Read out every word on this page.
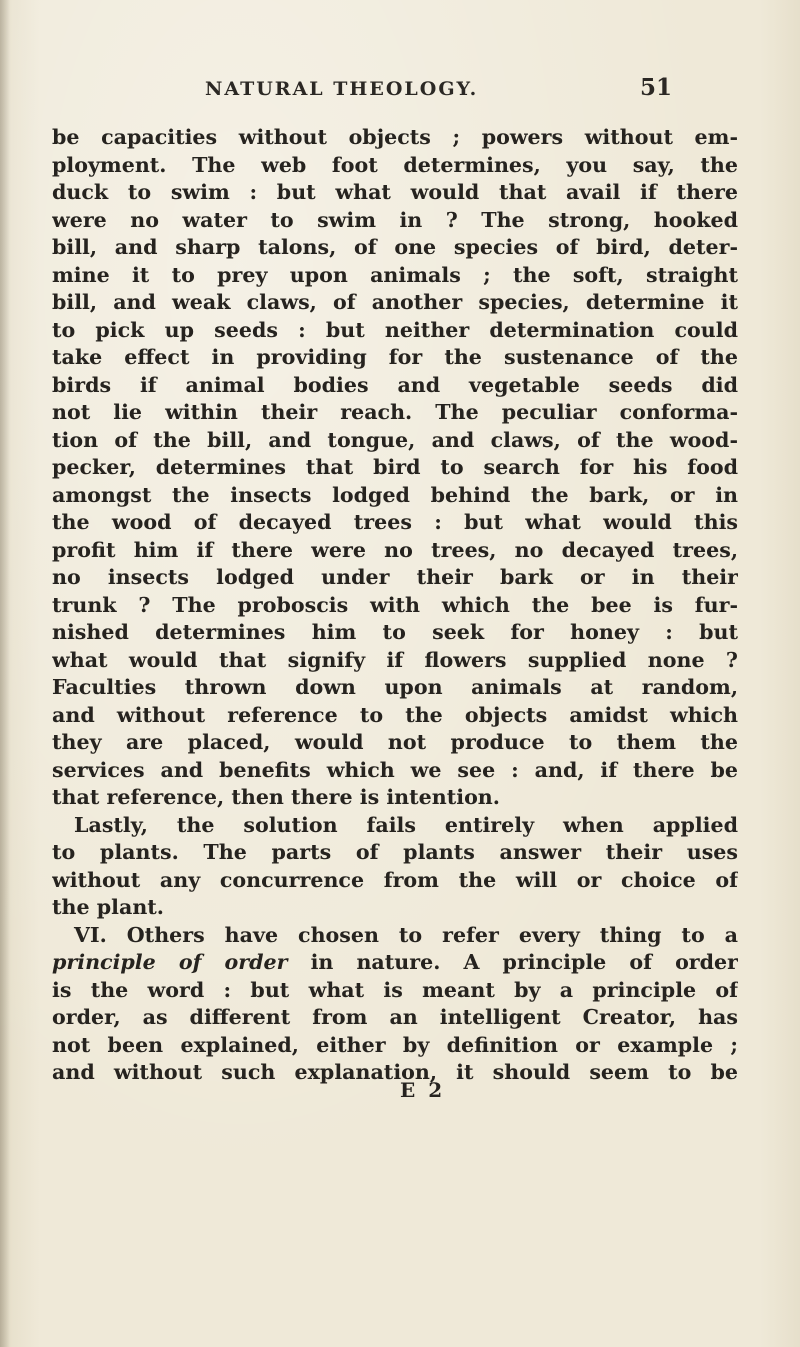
NATURAL THEOLOGY.	51
be capacities without objects ; powers without em-
ployment. The web foot determines, you say, the
duck to swim : but what would that avail if there
were no water to swim in ? The strong, hooked
bill, and sharp talons, of one species of bird, deter-
mine it to prey upon animals ; the soft, straight
bill, and weak claws, of another species, determine it
to pick up seeds : but neither determination could
take effect in providing for the sustenance of the
birds if animal bodies and vegetable seeds did
not lie within their reach. The peculiar conforma-
tion of the bill, and tongue, and claws, of the wood-
pecker, determines that bird to search for his food
amongst the insects lodged behind the bark, or in
the wood of decayed trees : but what would this
profit him if there were no trees, no decayed trees,
no insects lodged under their bark or in their
trunk ? The proboscis with which the bee is fur-
nished determines him to seek for honey : but
what would that signify if flowers supplied none ?
Faculties thrown down upon animals at random,
and without reference to the objects amidst which
they are placed, would not produce to them the
services and benefits which we see : and, if there be
that reference, then there is intention.
Lastly, the solution fails entirely when applied
to plants. The parts of plants answer their uses
without any concurrence from the will or choice of
the plant.
VI. Others have chosen to refer every thing to a
principle of order in nature. A principle of order
is the word : but what is meant by a principle of
order, as different from an intelligent Creator, has
not been explained, either by definition or example ;
and without such explanation, it should seem to be
E 2
